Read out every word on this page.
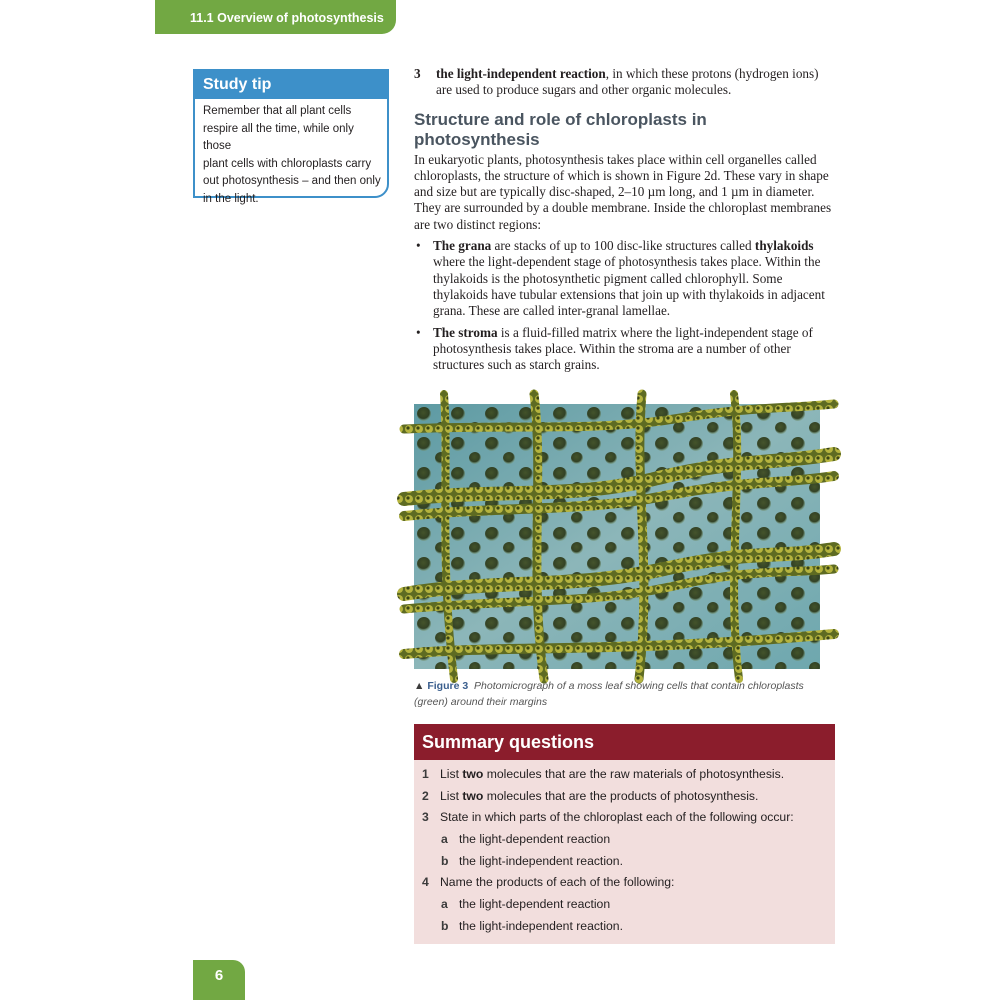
11.1 Overview of photosynthesis
Study tip
Remember that all plant cells
respire all the time, while only those
plant cells with chloroplasts carry
out photosynthesis – and then only
in the light.

3 the light-independent reaction, in which these protons (hydrogen ions) are used to produce sugars and other organic molecules.

Structure and role of chloroplasts in photosynthesis

In eukaryotic plants, photosynthesis takes place within cell organelles called chloroplasts, the structure of which is shown in Figure 2d. These vary in shape and size but are typically disc-shaped, 2–10 µm long, and 1 µm in diameter. They are surrounded by a double membrane. Inside the chloroplast membranes are two distinct regions:

• The grana are stacks of up to 100 disc-like structures called thylakoids where the light-dependent stage of photosynthesis takes place. Within the thylakoids is the photosynthetic pigment called chlorophyll. Some thylakoids have tubular extensions that join up with thylakoids in adjacent grana. These are called inter-granal lamellae.

• The stroma is a fluid-filled matrix where the light-independent stage of photosynthesis takes place. Within the stroma are a number of other structures such as starch grains.

▲ Figure 3 Photomicrograph of a moss leaf showing cells that contain chloroplasts (green) around their margins
Summary questions
1 List two molecules that are the raw materials of photosynthesis.
2 List two molecules that are the products of photosynthesis.
3 State in which parts of the chloroplast each of the following occur:
a the light-dependent reaction
b the light-independent reaction.
4 Name the products of each of the following:
a the light-dependent reaction
b the light-independent reaction.
6
